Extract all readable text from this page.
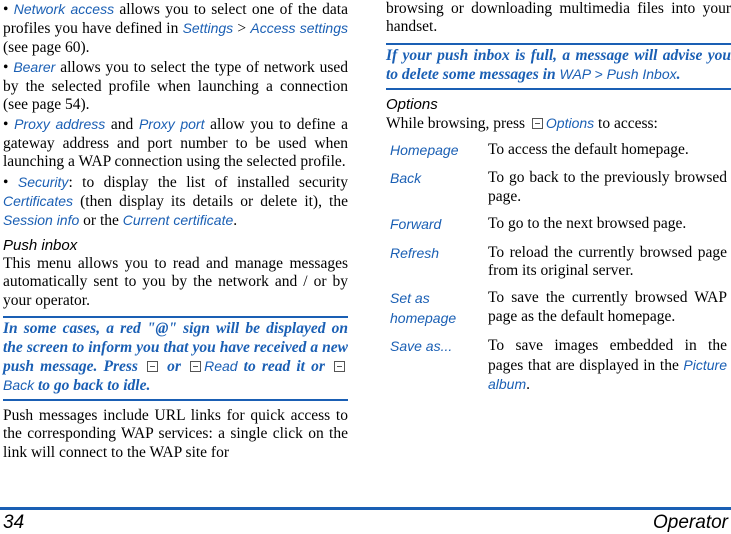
• Network access allows you to select one of the data profiles you have defined in Settings > Access settings (see page 60).
• Bearer allows you to select the type of network used by the selected profile when launching a connection (see page 54).
• Proxy address and Proxy port allow you to define a gateway address and port number to be used when launching a WAP connection using the selected profile.
• Security: to display the list of installed security Certificates (then display its details or delete it), the Session info or the Current certificate.
Push inbox
This menu allows you to read and manage messages automatically sent to you by the network and / or by your operator.
In some cases, a red "@" sign will be displayed on the screen to inform you that you have received a new push message. Press  or Read to read it or Back to go back to idle.
Push messages include URL links for quick access to the corresponding WAP services: a single click on the link will connect to the WAP site for
browsing or downloading multimedia files into your handset.
If your push inbox is full, a message will advise you to delete some messages in WAP > Push Inbox.
Options
While browsing, press Options to access:
Homepage	To access the default homepage.
Back	To go back to the previously browsed page.
Forward	To go to the next browsed page.
Refresh	To reload the currently browsed page from its original server.
Set as homepage	To save the currently browsed WAP page as the default homepage.
Save as...	To save images embedded in the pages that are displayed in the Picture album.
34	Operator
